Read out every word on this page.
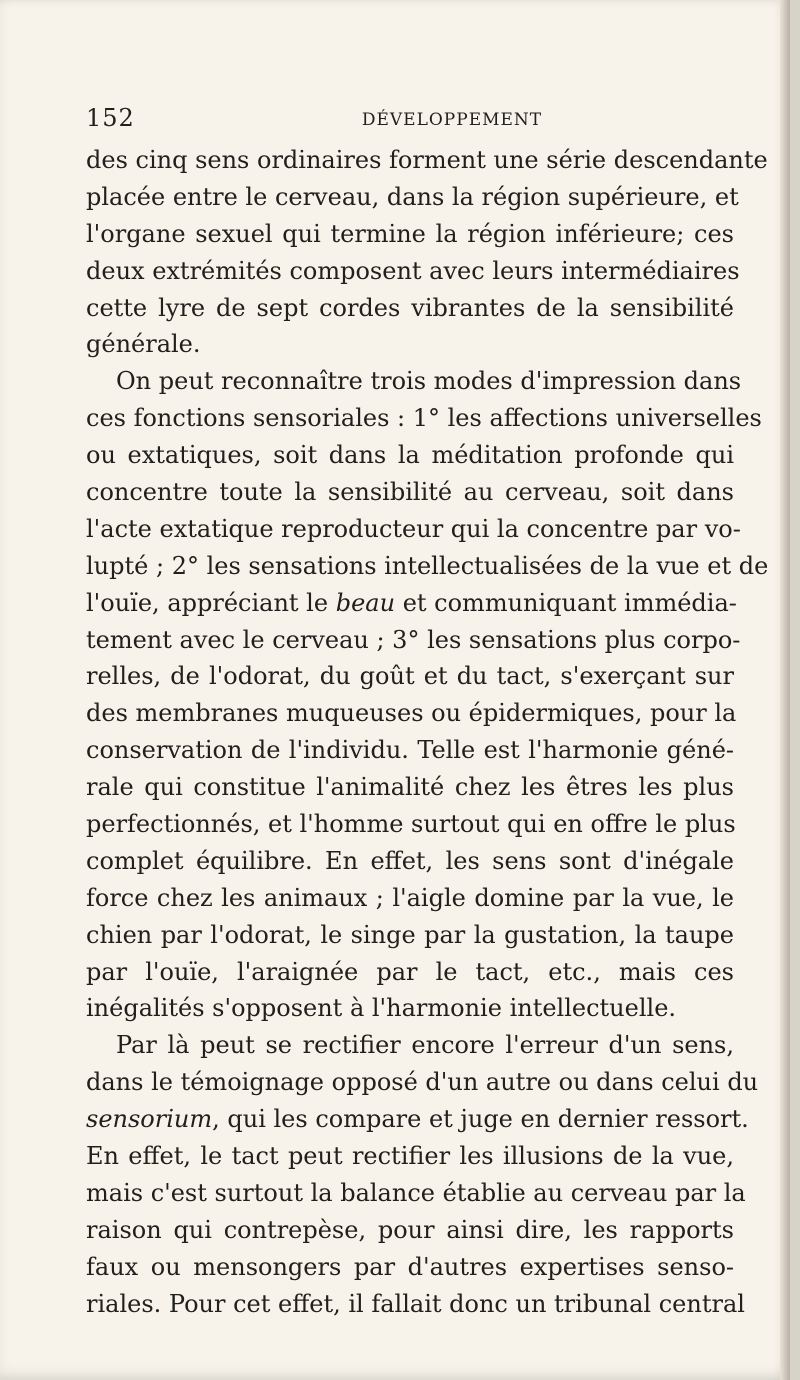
152	DÉVELOPPEMENT
des cinq sens ordinaires forment une série descendante
placée entre le cerveau, dans la région supérieure, et
l'organe sexuel qui termine la région inférieure; ces
deux extrémités composent avec leurs intermédiaires
cette lyre de sept cordes vibrantes de la sensibilité
générale.
On peut reconnaître trois modes d'impression dans
ces fonctions sensoriales : 1° les affections universelles
ou extatiques, soit dans la méditation profonde qui
concentre toute la sensibilité au cerveau, soit dans
l'acte extatique reproducteur qui la concentre par vo-
lupté ; 2° les sensations intellectualisées de la vue et de
l'ouïe, appréciant le beau et communiquant immédia-
tement avec le cerveau ; 3° les sensations plus corpo-
relles, de l'odorat, du goût et du tact, s'exerçant sur
des membranes muqueuses ou épidermiques, pour la
conservation de l'individu. Telle est l'harmonie géné-
rale qui constitue l'animalité chez les êtres les plus
perfectionnés, et l'homme surtout qui en offre le plus
complet équilibre. En effet, les sens sont d'inégale
force chez les animaux ; l'aigle domine par la vue, le
chien par l'odorat, le singe par la gustation, la taupe
par l'ouïe, l'araignée par le tact, etc., mais ces
inégalités s'opposent à l'harmonie intellectuelle.
Par là peut se rectifier encore l'erreur d'un sens,
dans le témoignage opposé d'un autre ou dans celui du
sensorium, qui les compare et juge en dernier ressort.
En effet, le tact peut rectifier les illusions de la vue,
mais c'est surtout la balance établie au cerveau par la
raison qui contrepèse, pour ainsi dire, les rapports
faux ou mensongers par d'autres expertises senso-
riales. Pour cet effet, il fallait donc un tribunal central
